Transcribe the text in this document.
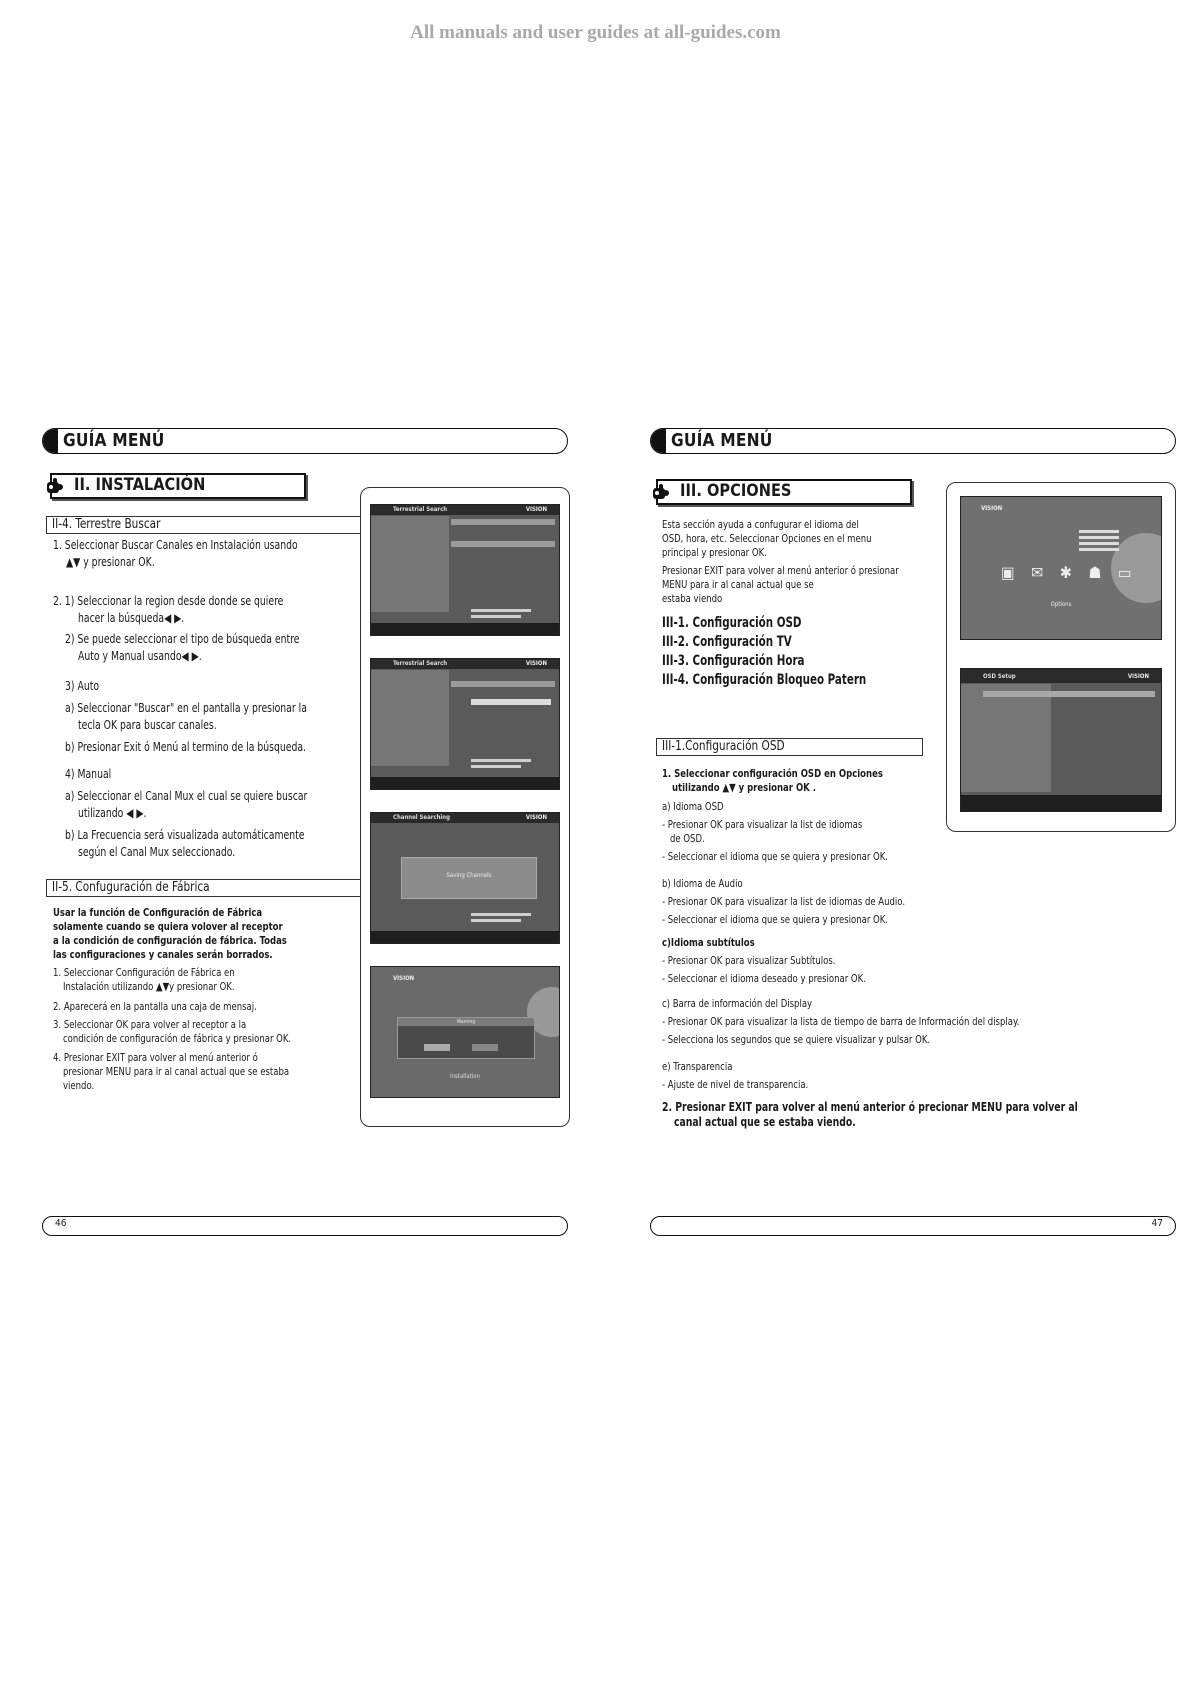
All manuals and user guides at all-guides.com
GUÍA MENÚ
II. INSTALACIÓN
II-4. Terrestre Buscar
1. Seleccionar Buscar Canales en Instalación usando
▲▼ y presionar OK.
2. 1) Seleccionar la region desde donde se quiere
hacer la búsqueda◀ ▶.
2) Se puede seleccionar el tipo de búsqueda entre
Auto y Manual usando◀ ▶.
3) Auto
a) Seleccionar "Buscar" en el pantalla y presionar la
tecla OK para buscar canales.
b) Presionar Exit ó Menú al termino de la búsqueda.
4) Manual
a) Seleccionar el Canal Mux el cual se quiere buscar
utilizando ◀ ▶.
b) La Frecuencia será visualizada automáticamente
según el Canal Mux seleccionado.
II-5. Confuguración de Fábrica
Usar la función de Configuración de Fábrica
solamente cuando se quiera volover al receptor
a la condición de configuración de fábrica. Todas
las configuraciones y canales serán borrados.
1. Seleccionar Configuración de Fábrica en
Instalación utilizando ▲▼y presionar OK.
2. Aparecerá en la pantalla una caja de mensaj.
3. Seleccionar OK para volver al receptor a la
condición de configuración de fábrica y presionar OK.
4. Presionar EXIT para volver al menú anterior ó
presionar MENU para ir al canal actual que se estaba
viendo.
Terrestrial Search	VISION
Terrestrial Search	VISION
Channel Searching	VISION
Saving Channels
VISION
Warning
Installation
46
GUÍA MENÚ
III. OPCIONES
Esta sección ayuda a confugurar el idioma del
OSD, hora, etc. Seleccionar Opciones en el menu
principal y presionar OK.
Presionar EXIT para volver al menú anterior ó presionar
MENU para ir al canal actual que se
estaba viendo
III-1. Configuración OSD
III-2. Configuración TV
III-3. Configuración Hora
III-4. Configuración Bloqueo Patern
III-1.Configuración OSD
1. Seleccionar configuración OSD en Opciones
utilizando ▲▼ y presionar OK .
a) Idioma OSD
- Presionar OK para visualizar la list de idiomas
de OSD.
- Seleccionar el idioma que se quiera y presionar OK.
b) Idioma de Audio
- Presionar OK para visualizar la list de idiomas de Audio.
- Seleccionar el idioma que se quiera y presionar OK.
c)Idioma subtítulos
- Presionar OK para visualizar Subtítulos.
- Seleccionar el idioma deseado y presionar OK.
c) Barra de información del Display
- Presionar OK para visualizar la lista de tiempo de barra de Información del display.
- Selecciona los segundos que se quiere visualizar y pulsar OK.
e) Transparencia
- Ajuste de nivel de transparencia.
2. Presionar EXIT para volver al menú anterior ó precionar MENU para volver al
canal actual que se estaba viendo.
VISION
▣ ✉ ✱ ☗ ▭
Options
OSD Setup	VISION
47
